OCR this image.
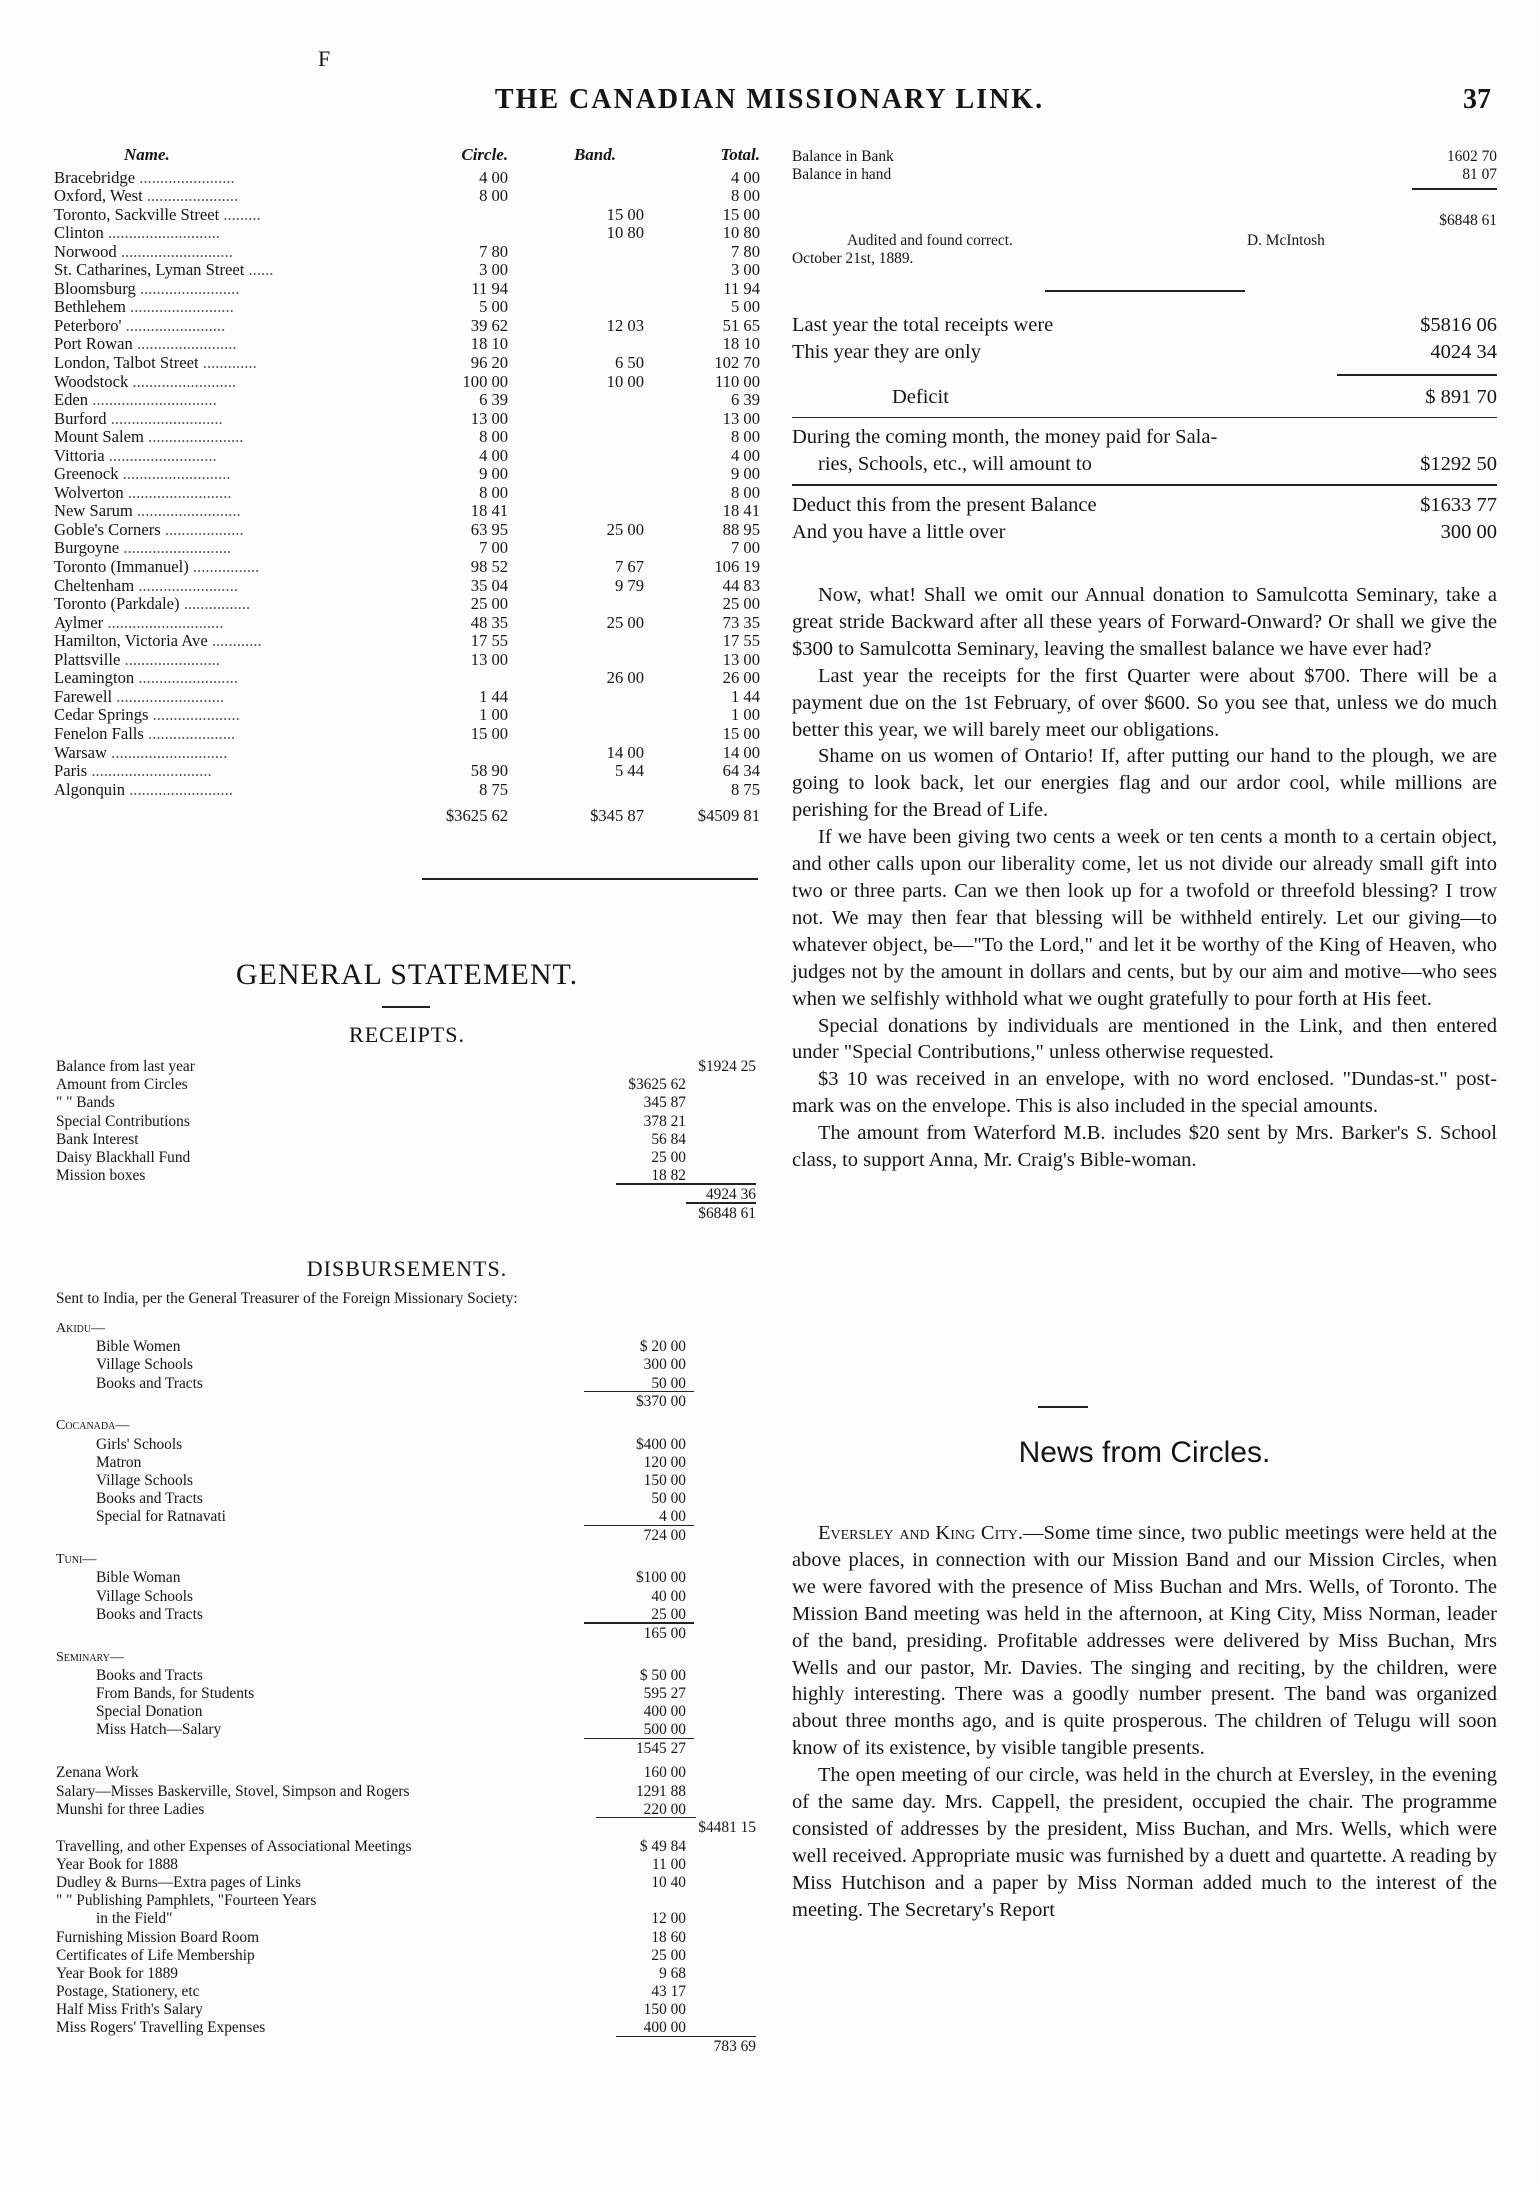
F
THE CANADIAN MISSIONARY LINK.	37
Name.	Circle.	Band.	Total.
Bracebridge .......................	4 00		4 00
Oxford, West ......................	8 00		8 00
Toronto, Sackville Street .........		15 00	15 00
Clinton ...........................		10 80	10 80
Norwood ...........................	7 80		7 80
St. Catharines, Lyman Street ......	3 00		3 00
Bloomsburg ........................	11 94		11 94
Bethlehem .........................	5 00		5 00
Peterboro' ........................	39 62	12 03	51 65
Port Rowan ........................	18 10		18 10
London, Talbot Street .............	96 20	6 50	102 70
Woodstock .........................	100 00	10 00	110 00
Eden ..............................	6 39		6 39
Burford ...........................	13 00		13 00
Mount Salem .......................	8 00		8 00
Vittoria ..........................	4 00		4 00
Greenock ..........................	9 00		9 00
Wolverton .........................	8 00		8 00
New Sarum .........................	18 41		18 41
Goble's Corners ...................	63 95	25 00	88 95
Burgoyne ..........................	7 00		7 00
Toronto (Immanuel) ................	98 52	7 67	106 19
Cheltenham ........................	35 04	9 79	44 83
Toronto (Parkdale) ................	25 00		25 00
Aylmer ............................	48 35	25 00	73 35
Hamilton, Victoria Ave ............	17 55		17 55
Plattsville .......................	13 00		13 00
Leamington ........................		26 00	26 00
Farewell ..........................	1 44		1 44
Cedar Springs .....................	1 00		1 00
Fenelon Falls .....................	15 00		15 00
Warsaw ............................		14 00	14 00
Paris .............................	58 90	5 44	64 34
Algonquin .........................	8 75		8 75
	$3625 62	$345 87	$4509 81
GENERAL STATEMENT.
RECEIPTS.
Balance from last year	$1924 25
Amount from Circles	$3625 62
" " Bands	345 87
Special Contributions	378 21
Bank Interest	56 84
Daisy Blackhall Fund	25 00
Mission boxes	18 82
4924 36
$6848 61
DISBURSEMENTS.
Sent to India, per the General Treasurer of the Foreign Missionary Society:
Akidu—
Bible Women	$ 20 00
Village Schools	300 00
Books and Tracts	50 00
$370 00
Cocanada—
Girls' Schools	$400 00
Matron	120 00
Village Schools	150 00
Books and Tracts	50 00
Special for Ratnavati	4 00
724 00
Tuni—
Bible Woman	$100 00
Village Schools	40 00
Books and Tracts	25 00
165 00
Seminary—
Books and Tracts	$ 50 00
From Bands, for Students	595 27
Special Donation	400 00
Miss Hatch—Salary	500 00
1545 27
Zenana Work	160 00
Salary—Misses Baskerville, Stovel, Simpson and Rogers	1291 88
Munshi for three Ladies	220 00
$4481 15
Travelling, and other Expenses of Associational Meetings	$ 49 84
Year Book for 1888	11 00
Dudley & Burns—Extra pages of Links	10 40
" " Publishing Pamphlets, "Fourteen Years
in the Field"	12 00
Furnishing Mission Board Room	18 60
Certificates of Life Membership	25 00
Year Book for 1889	9 68
Postage, Stationery, etc	43 17
Half Miss Frith's Salary	150 00
Miss Rogers' Travelling Expenses	400 00
783 69
Balance in Bank	1602 70
Balance in hand	81 07
$6848 61
Audited and found correct.	D. McIntosh
October 21st, 1889.
Last year the total receipts were	$5816 06
This year they are only	4024 34
Deficit	$ 891 70
During the coming month, the money paid for Sala-
ries, Schools, etc., will amount to	$1292 50
Deduct this from the present Balance	$1633 77
And you have a little over	300 00

Now, what! Shall we omit our Annual donation to Samulcotta Seminary, take a great stride Backward after all these years of Forward-Onward? Or shall we give the $300 to Samulcotta Seminary, leaving the smallest balance we have ever had?

Last year the receipts for the first Quarter were about $700. There will be a payment due on the 1st February, of over $600. So you see that, unless we do much better this year, we will barely meet our obligations.

Shame on us women of Ontario! If, after putting our hand to the plough, we are going to look back, let our energies flag and our ardor cool, while millions are perishing for the Bread of Life.

If we have been giving two cents a week or ten cents a month to a certain object, and other calls upon our liberality come, let us not divide our already small gift into two or three parts. Can we then look up for a twofold or threefold blessing? I trow not. We may then fear that blessing will be withheld entirely. Let our giving—to whatever object, be—"To the Lord," and let it be worthy of the King of Heaven, who judges not by the amount in dollars and cents, but by our aim and motive—who sees when we selfishly withhold what we ought gratefully to pour forth at His feet.

Special donations by individuals are mentioned in the Link, and then entered under "Special Contributions," unless otherwise requested.

$3 10 was received in an envelope, with no word enclosed. "Dundas-st." post-mark was on the envelope. This is also included in the special amounts.

The amount from Waterford M.B. includes $20 sent by Mrs. Barker's S. School class, to support Anna, Mr. Craig's Bible-woman.

News from Circles.

Eversley and King City.—Some time since, two public meetings were held at the above places, in connection with our Mission Band and our Mission Circles, when we were favored with the presence of Miss Buchan and Mrs. Wells, of Toronto. The Mission Band meeting was held in the afternoon, at King City, Miss Norman, leader of the band, presiding. Profitable addresses were delivered by Miss Buchan, Mrs Wells and our pastor, Mr. Davies. The singing and reciting, by the children, were highly interesting. There was a goodly number present. The band was organized about three months ago, and is quite prosperous. The children of Telugu will soon know of its existence, by visible tangible presents.

The open meeting of our circle, was held in the church at Eversley, in the evening of the same day. Mrs. Cappell, the president, occupied the chair. The programme consisted of addresses by the president, Miss Buchan, and Mrs. Wells, which were well received. Appropriate music was furnished by a duett and quartette. A reading by Miss Hutchison and a paper by Miss Norman added much to the interest of the meeting. The Secretary's Report
